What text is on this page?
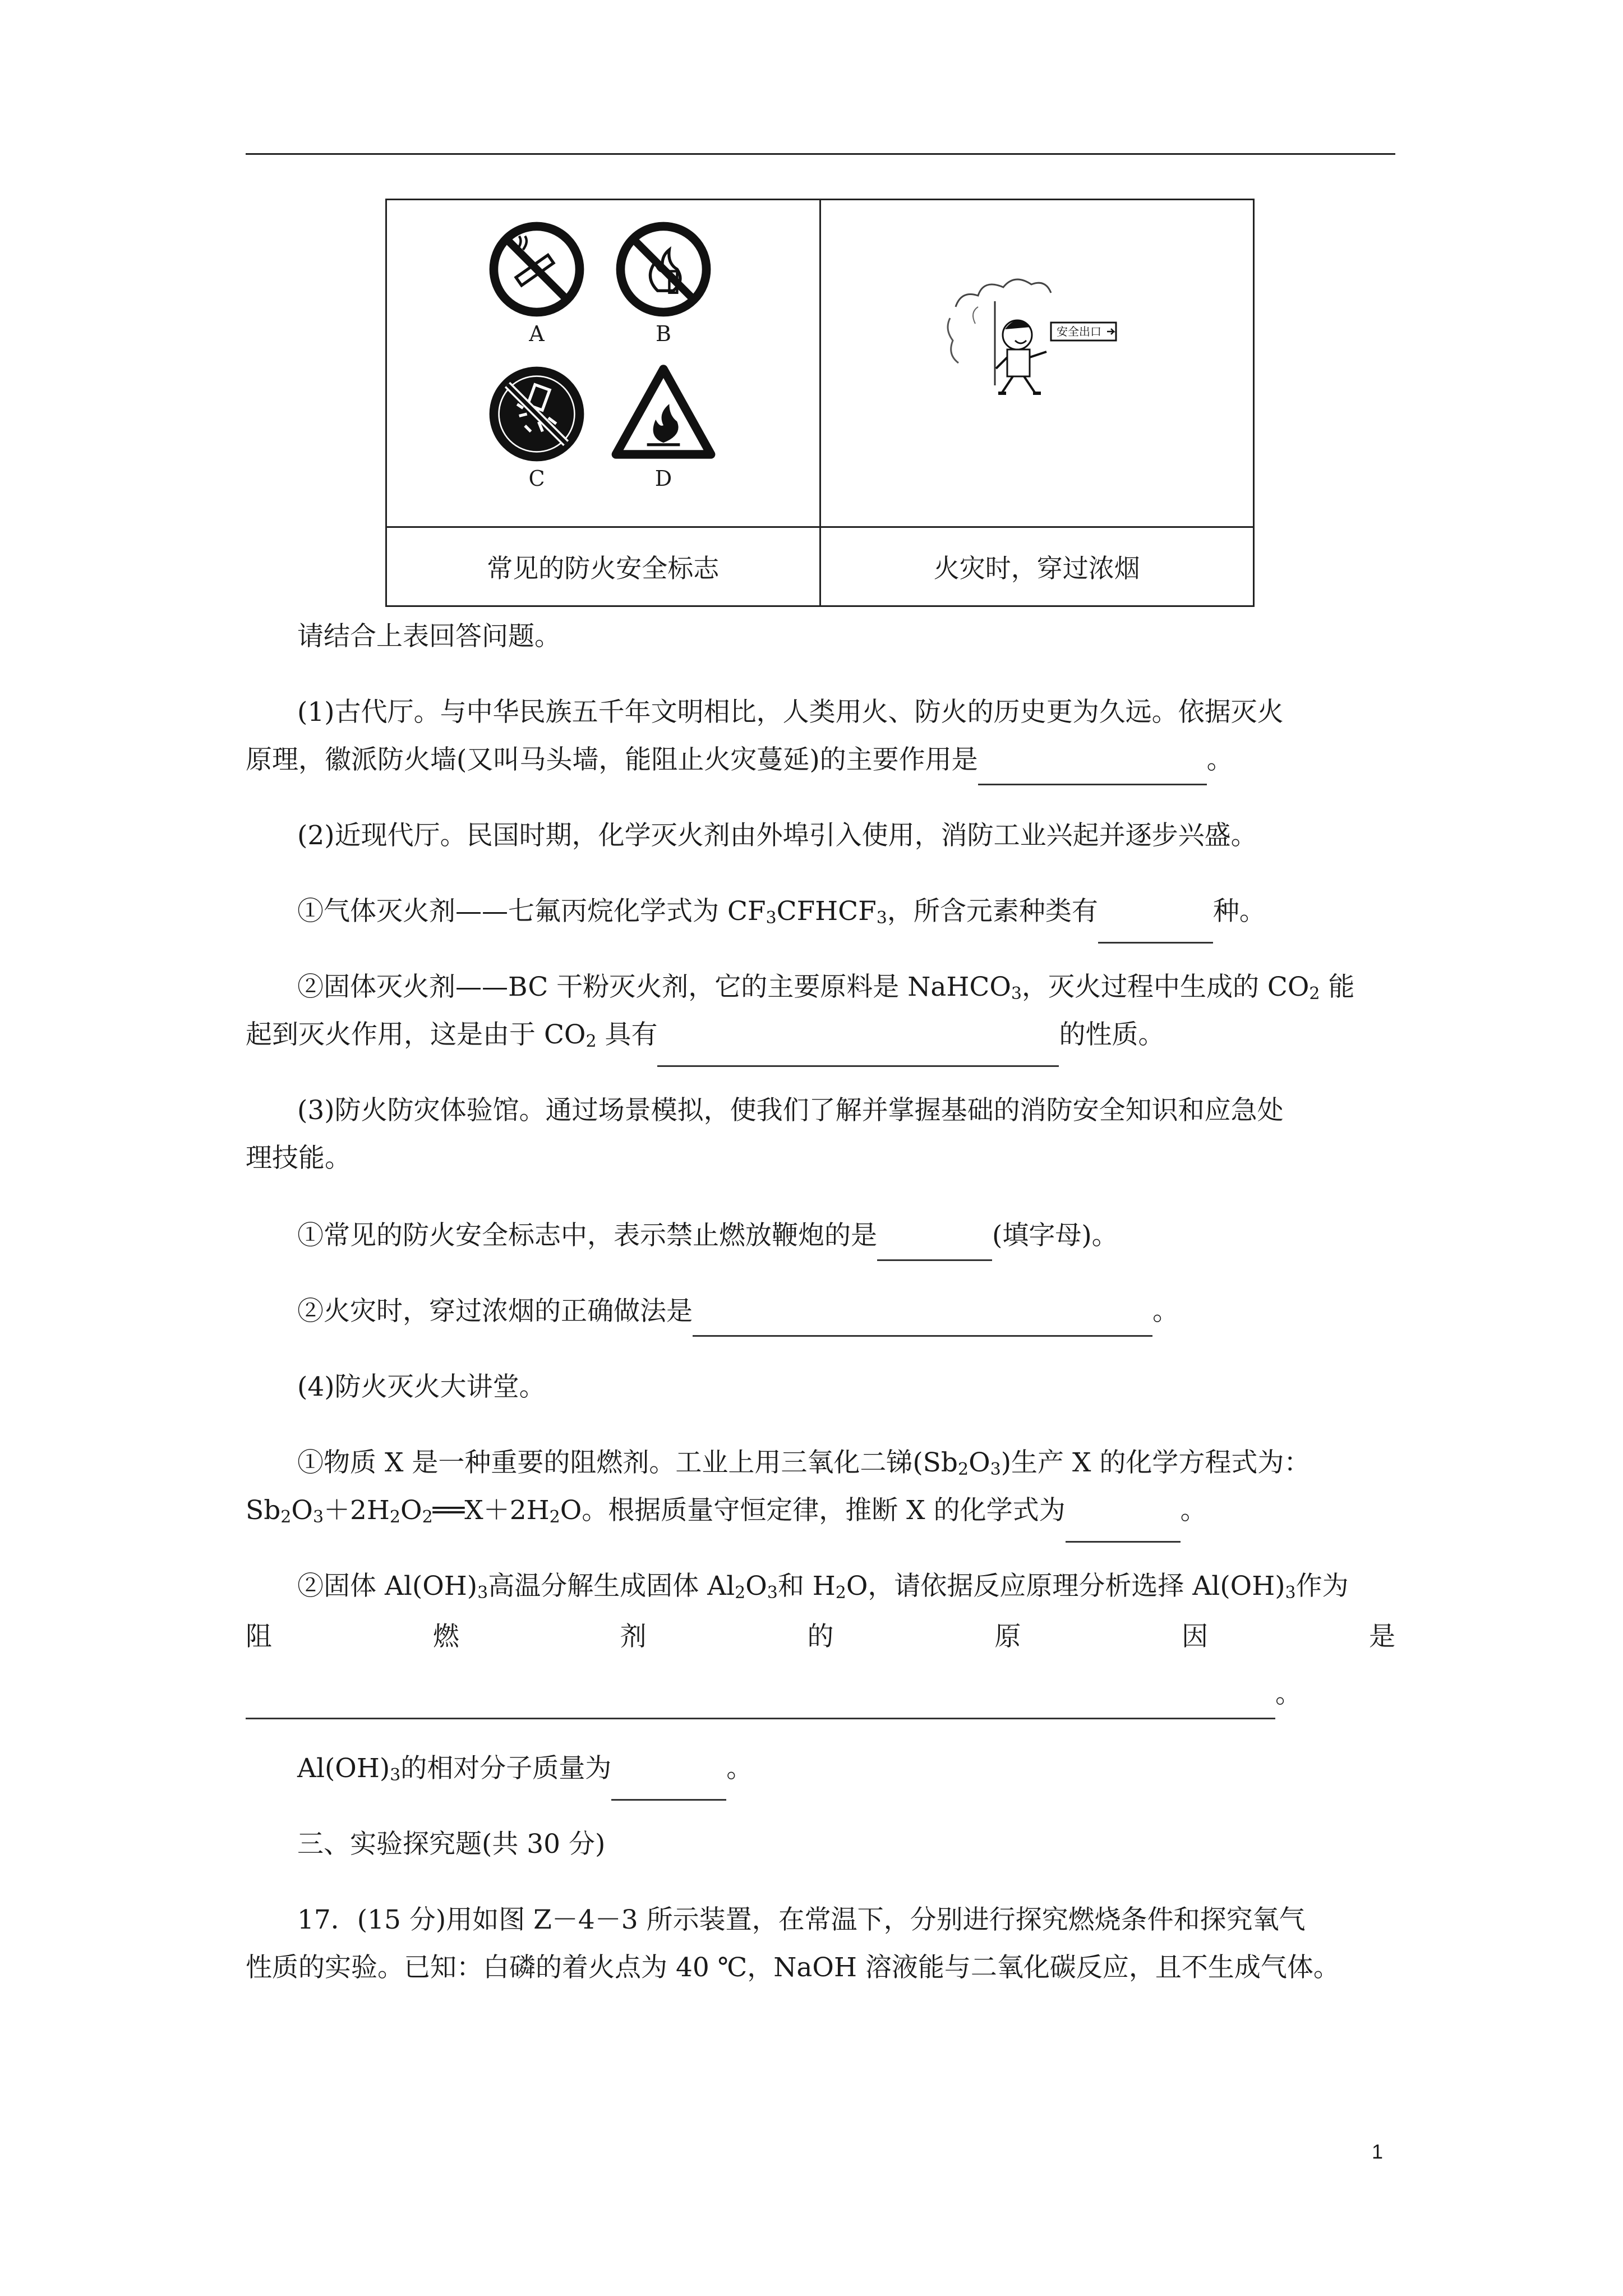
A B
C D	安全出口

常见的防火安全标志	火灾时，穿过浓烟
请结合上表回答问题。
(1)古代厅。与中华民族五千年文明相比，人类用火、防火的历史更为久远。依据灭火
原理，徽派防火墙(又叫马头墙，能阻止火灾蔓延)的主要作用是	。
(2)近现代厅。民国时期，化学灭火剂由外埠引入使用，消防工业兴起并逐步兴盛。
①气体灭火剂——七氟丙烷化学式为 $CF_3CFHCF_3$，所含元素种类有	种。
②固体灭火剂——BC 干粉灭火剂，它的主要原料是 NaHCO$_3$，灭火过程中生成的 $CO_2$ 能
起到灭火作用，这是由于 $CO_2$ 具有	的性质。
(3)防火防灾体验馆。通过场景模拟，使我们了解并掌握基础的消防安全知识和应急处
理技能。
①常见的防火安全标志中，表示禁止燃放鞭炮的是	(填字母)。
②火灾时，穿过浓烟的正确做法是	。
(4)防火灭火大讲堂。
①物质 X 是一种重要的阻燃剂。工业上用三氧化二锑$(Sb_2O_3)$生产 X 的化学方程式为：
$Sb_2O_3+2H_2O_2══X+2H_2O$。根据质量守恒定律，推断 X 的化学式为	。
②固体 $Al(OH)_3$高温分解生成固体 $Al_2O_3$和 $H_2O$，请依据反应原理分析选择 $Al(OH)_3$作为
阻	燃	剂	的	原	因	是
。
$Al(OH)_3$的相对分子质量为	。
三、实验探究题(共 30 分)
17．(15 分)用如图 Z－4－3 所示装置，在常温下，分别进行探究燃烧条件和探究氧气
性质的实验。已知：白磷的着火点为 40 ℃，NaOH 溶液能与二氧化碳反应，且不生成气体。
1
